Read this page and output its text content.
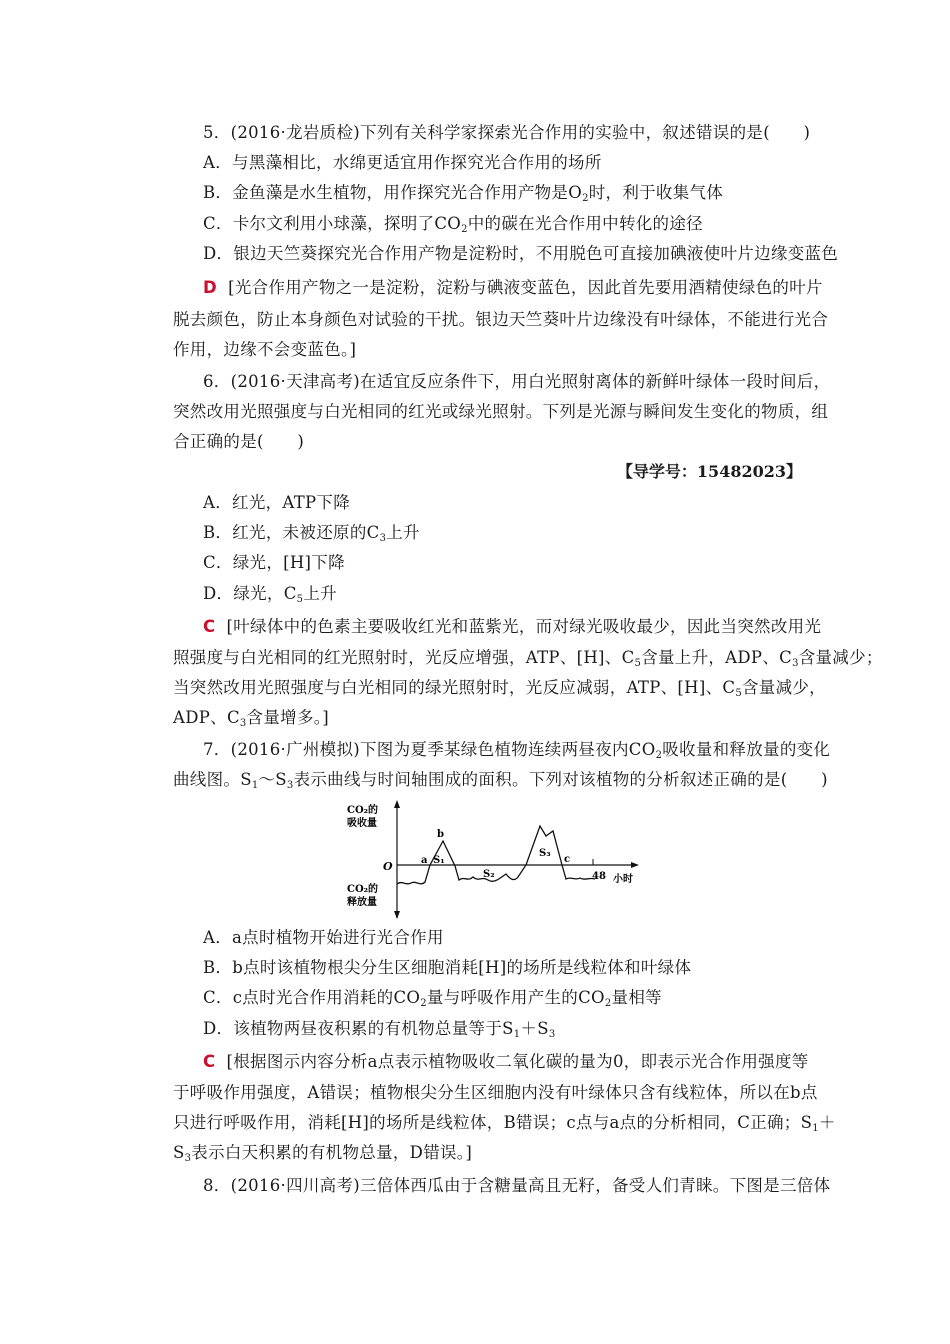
5．(2016·龙岩质检)下列有关科学家探索光合作用的实验中，叙述错误的是(　　)
A．与黑藻相比，水绵更适宜用作探究光合作用的场所
B．金鱼藻是水生植物，用作探究光合作用产物是$O_2$时，利于收集气体
C．卡尔文利用小球藻，探明了$CO_2$中的碳在光合作用中转化的途径
D．银边天竺葵探究光合作用产物是淀粉时，不用脱色可直接加碘液使叶片边缘变蓝色
D [光合作用产物之一是淀粉，淀粉与碘液变蓝色，因此首先要用酒精使绿色的叶片
脱去颜色，防止本身颜色对试验的干扰。银边天竺葵叶片边缘没有叶绿体，不能进行光合
作用，边缘不会变蓝色。]
6．(2016·天津高考)在适宜反应条件下，用白光照射离体的新鲜叶绿体一段时间后，
突然改用光照强度与白光相同的红光或绿光照射。下列是光源与瞬间发生变化的物质，组
合正确的是(　　)
【导学号：15482023】
A．红光，ATP下降
B．红光，未被还原的$C_3$上升
C．绿光，[H]下降
D．绿光，$C_5$上升
C [叶绿体中的色素主要吸收红光和蓝紫光，而对绿光吸收最少，因此当突然改用光
照强度与白光相同的红光照射时，光反应增强，ATP、[H]、$C_5$含量上升，ADP、$C_3$含量减少；
当突然改用光照强度与白光相同的绿光照射时，光反应减弱，ATP、[H]、$C_5$含量减少，
ADP、$C_3$含量增多。]
7．(2016·广州模拟)下图为夏季某绿色植物连续两昼夜内$CO_2$吸收量和释放量的变化
曲线图。$S_1\sim S_3$表示曲线与时间轴围成的面积。下列对该植物的分析叙述正确的是(　　)
CO₂的
吸收量
CO₂的
释放量
O
小时
48
a
b
c
S₁
S₂
S₃
A．a点时植物开始进行光合作用
B．b点时该植物根尖分生区细胞消耗[H]的场所是线粒体和叶绿体
C．c点时光合作用消耗的$CO_2$量与呼吸作用产生的$CO_2$量相等
D．该植物两昼夜积累的有机物总量等于$S_1+S_3$
C [根据图示内容分析a点表示植物吸收二氧化碳的量为0，即表示光合作用强度等
于呼吸作用强度，A错误；植物根尖分生区细胞内没有叶绿体只含有线粒体，所以在b点
只进行呼吸作用，消耗[H]的场所是线粒体，B错误；c点与a点的分析相同，C正确；$S_1+$
$S_3$表示白天积累的有机物总量，D错误。]
8．(2016·四川高考)三倍体西瓜由于含糖量高且无籽，备受人们青睐。下图是三倍体
